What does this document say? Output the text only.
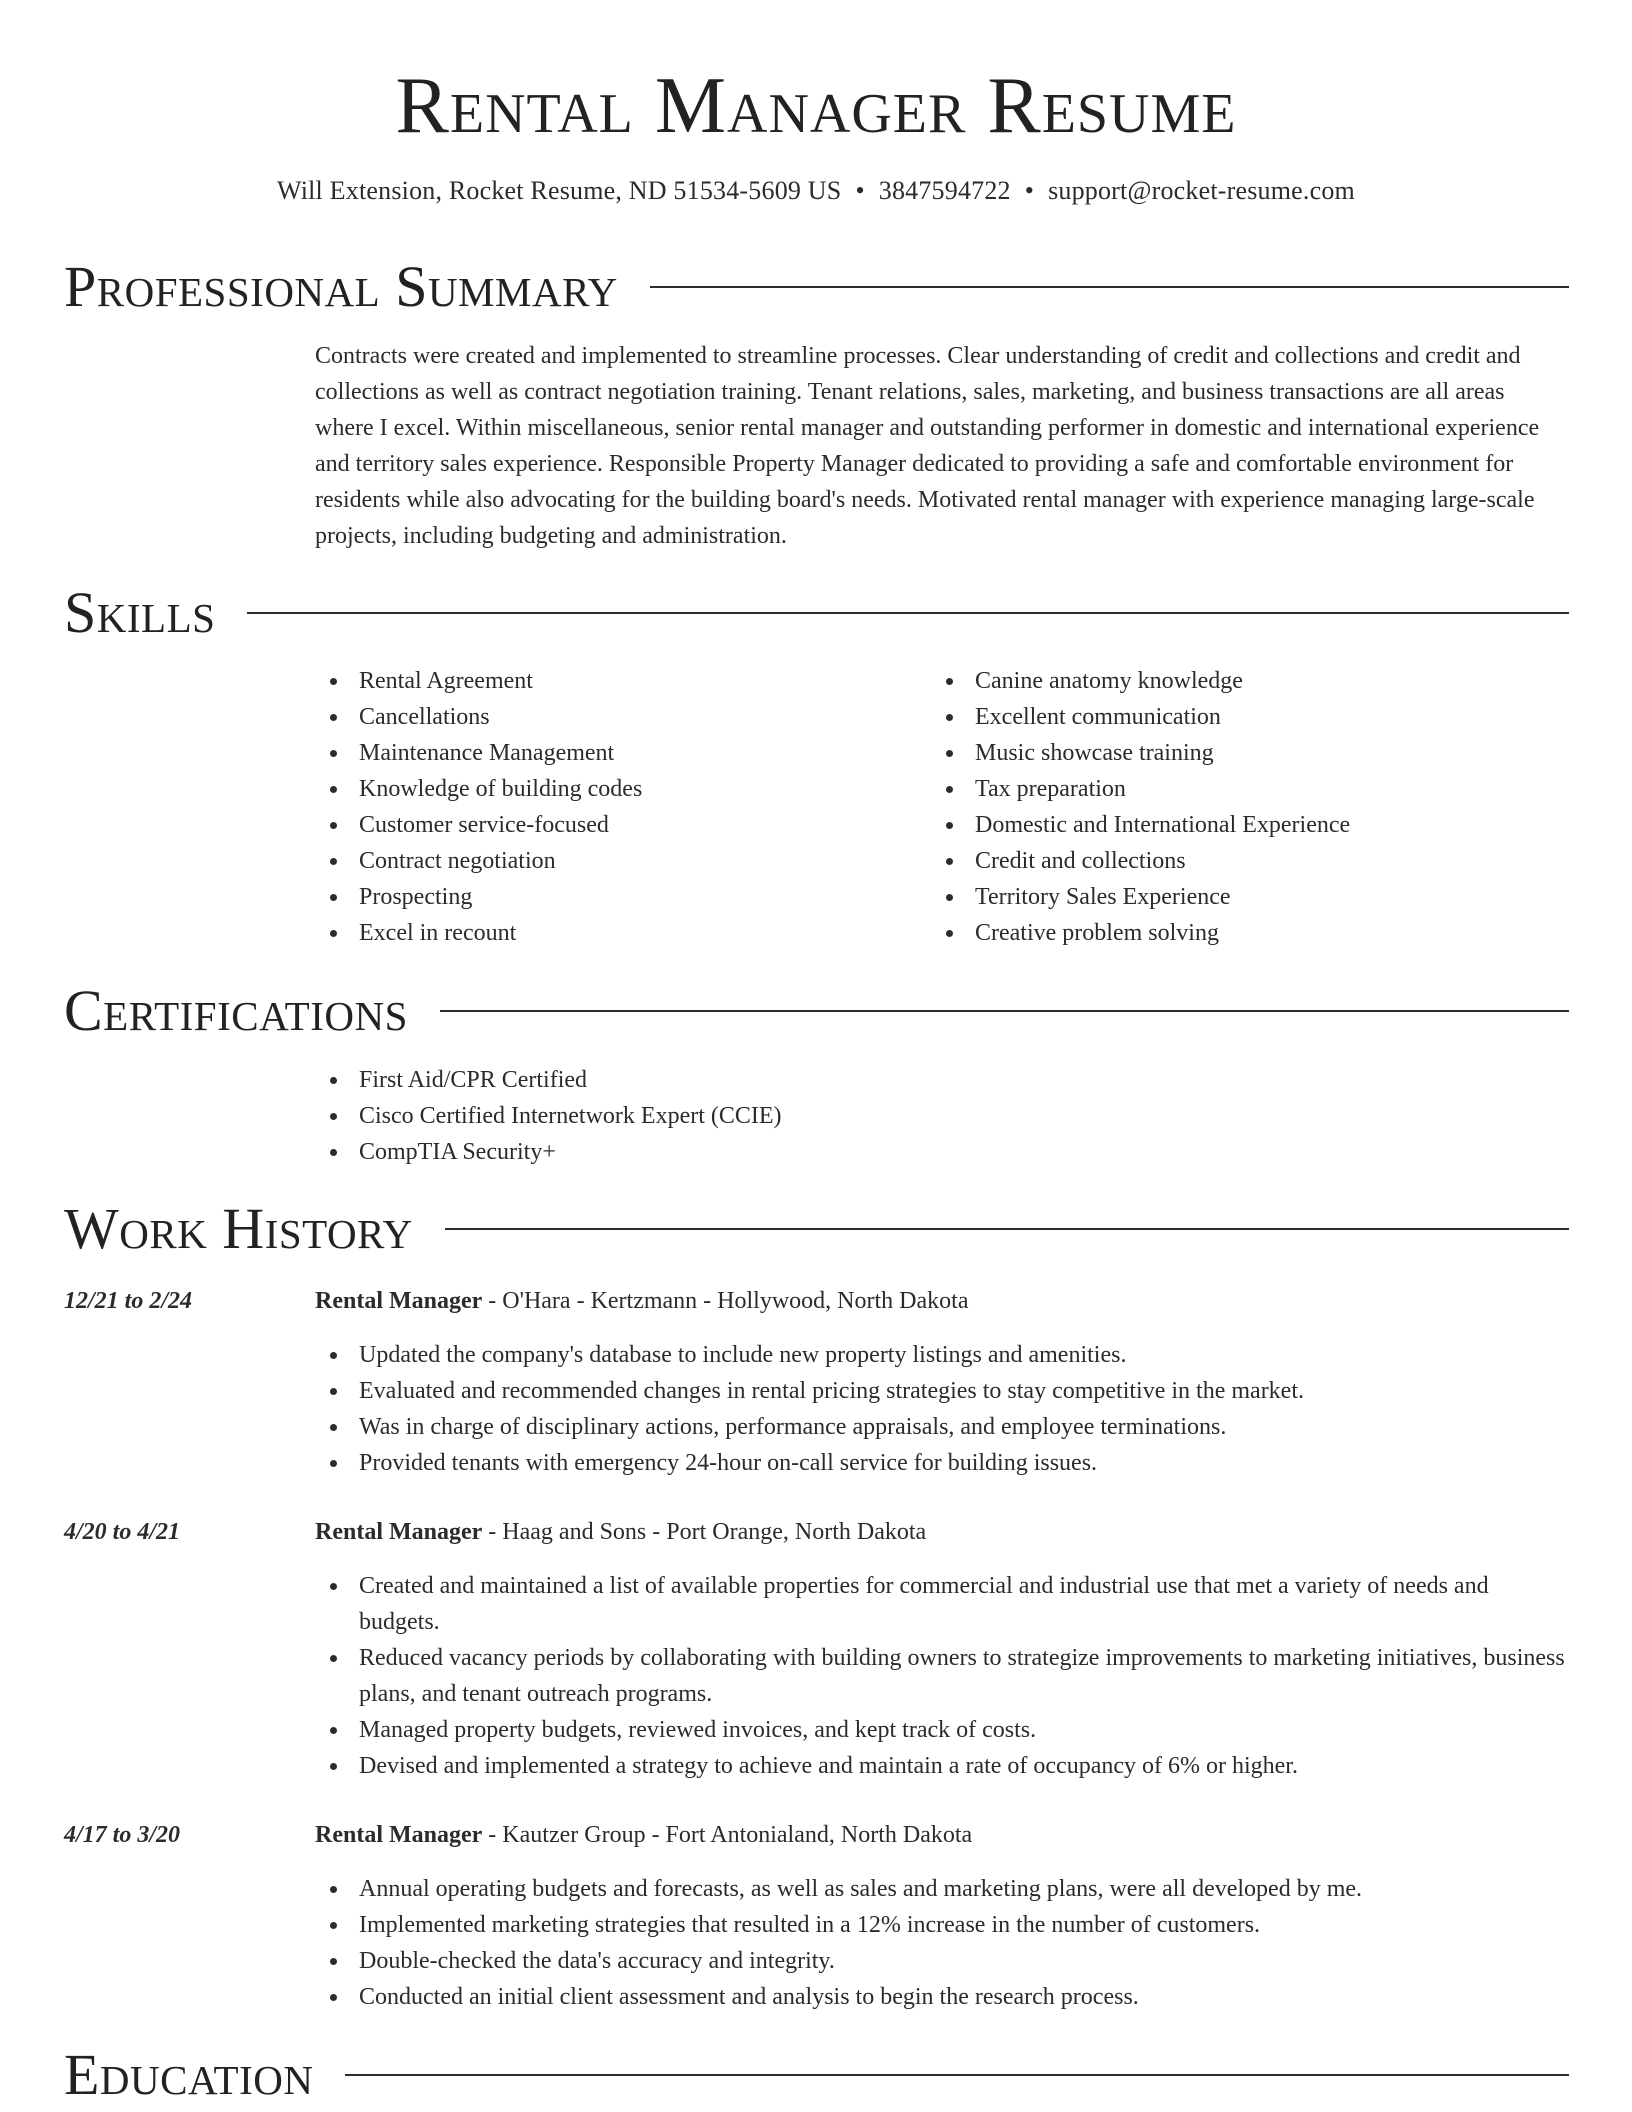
Rental Manager Resume
Will Extension, Rocket Resume, ND 51534-5609 US • 3847594722 • support@rocket-resume.com
Professional Summary

Contracts were created and implemented to streamline processes. Clear understanding of credit and collections and credit and collections as well as contract negotiation training. Tenant relations, sales, marketing, and business transactions are all areas where I excel. Within miscellaneous, senior rental manager and outstanding performer in domestic and international experience and territory sales experience. Responsible Property Manager dedicated to providing a safe and comfortable environment for residents while also advocating for the building board's needs. Motivated rental manager with experience managing large-scale projects, including budgeting and administration.

Skills
Rental Agreement
Cancellations
Maintenance Management
Knowledge of building codes
Customer service-focused
Contract negotiation
Prospecting
Excel in recount
Canine anatomy knowledge
Excellent communication
Music showcase training
Tax preparation
Domestic and International Experience
Credit and collections
Territory Sales Experience
Creative problem solving
Certifications
First Aid/CPR Certified
Cisco Certified Internetwork Expert (CCIE)
CompTIA Security+
Work History
12/21 to 2/24	Rental Manager - O'Hara - Kertzmann - Hollywood, North Dakota
Updated the company's database to include new property listings and amenities.
Evaluated and recommended changes in rental pricing strategies to stay competitive in the market.
Was in charge of disciplinary actions, performance appraisals, and employee terminations.
Provided tenants with emergency 24-hour on-call service for building issues.
4/20 to 4/21	Rental Manager - Haag and Sons - Port Orange, North Dakota
Created and maintained a list of available properties for commercial and industrial use that met a variety of needs and budgets.
Reduced vacancy periods by collaborating with building owners to strategize improvements to marketing initiatives, business plans, and tenant outreach programs.
Managed property budgets, reviewed invoices, and kept track of costs.
Devised and implemented a strategy to achieve and maintain a rate of occupancy of 6% or higher.
4/17 to 3/20	Rental Manager - Kautzer Group - Fort Antonialand, North Dakota
Annual operating budgets and forecasts, as well as sales and marketing plans, were all developed by me.
Implemented marketing strategies that resulted in a 12% increase in the number of customers.
Double-checked the data's accuracy and integrity.
Conducted an initial client assessment and analysis to begin the research process.
Education
